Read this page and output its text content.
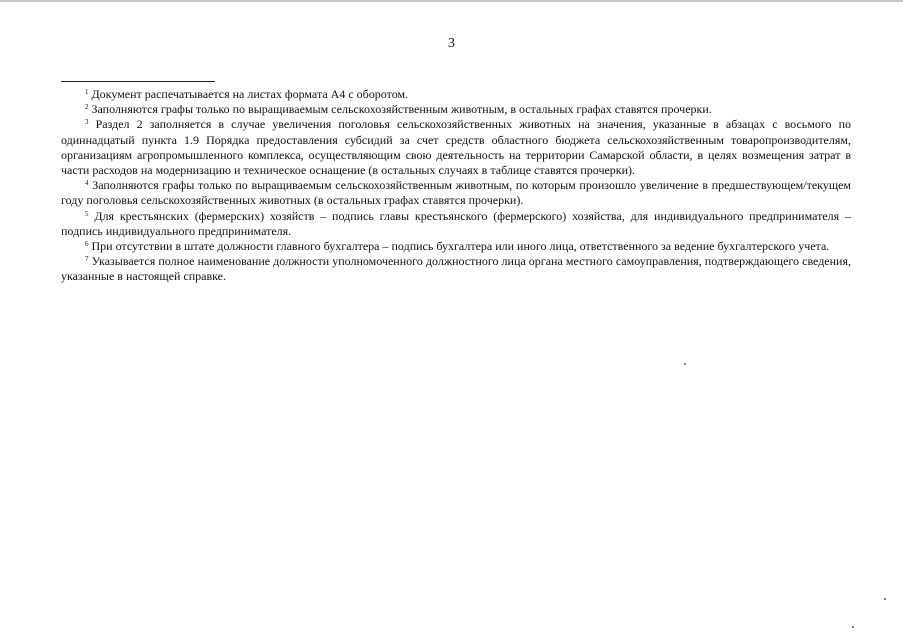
3

$^1$ Документ распечатывается на листах формата А4 с оборотом.

$^2$ Заполняются графы только по выращиваемым сельскохозяйственным животным, в остальных графах ставятся прочерки.

$^3$ Раздел 2 заполняется в случае увеличения поголовья сельскохозяйственных животных на значения, указанные в абзацах с восьмого по одиннадцатый пункта 1.9 Порядка предоставления субсидий за счет средств областного бюджета сельскохозяйственным товаропроизводителям, организациям агропромышленного комплекса, осуществляющим свою деятельность на территории Самарской области, в целях возмещения затрат в части расходов на модернизацию и техническое оснащение (в остальных случаях в таблице ставятся прочерки).

$^4$ Заполняются графы только по выращиваемым сельскохозяйственным животным, по которым произошло увеличение в предшествующем/текущем году поголовья сельскохозяйственных животных (в остальных графах ставятся прочерки).

$^5$ Для крестьянских (фермерских) хозяйств – подпись главы крестьянского (фермерского) хозяйства, для индивидуального предпринимателя – подпись индивидуального предпринимателя.

$^6$ При отсутствии в штате должности главного бухгалтера – подпись бухгалтера или иного лица, ответственного за ведение бухгалтерского учета.

$^7$ Указывается полное наименование должности уполномоченного должностного лица органа местного самоуправления, подтверждающего сведения, указанные в настоящей справке.
